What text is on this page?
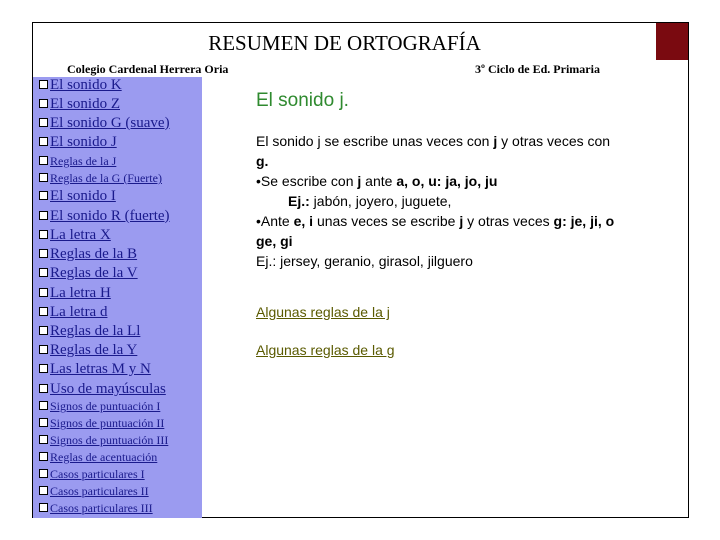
RESUMEN DE ORTOGRAFÍA
Colegio Cardenal Herrera Oria	3º Ciclo de Ed. Primaria
El sonido K
El sonido Z
El sonido G (suave)
El sonido J
Reglas de la J
Reglas de la G (Fuerte)
El sonido I
El sonido R (fuerte)
La letra X
Reglas de la B
Reglas de la V
La letra H
La letra d
Reglas de la Ll
Reglas de la Y
Las letras M y N
Uso de mayúsculas
Signos de puntuación I
Signos de puntuación II
Signos de puntuación III
Reglas de acentuación
Casos particulares I
Casos particulares II
Casos particulares III
El sonido j.
El sonido j se escribe unas veces con j y otras veces con
g.
•Se escribe con j ante a, o, u: ja, jo, ju
Ej.: jabón, joyero, juguete,
•Ante e, i unas veces se escribe j y otras veces g: je, ji, o
ge, gi
Ej.: jersey, geranio, girasol, jilguero
Algunas reglas de la j
Algunas reglas de la g
